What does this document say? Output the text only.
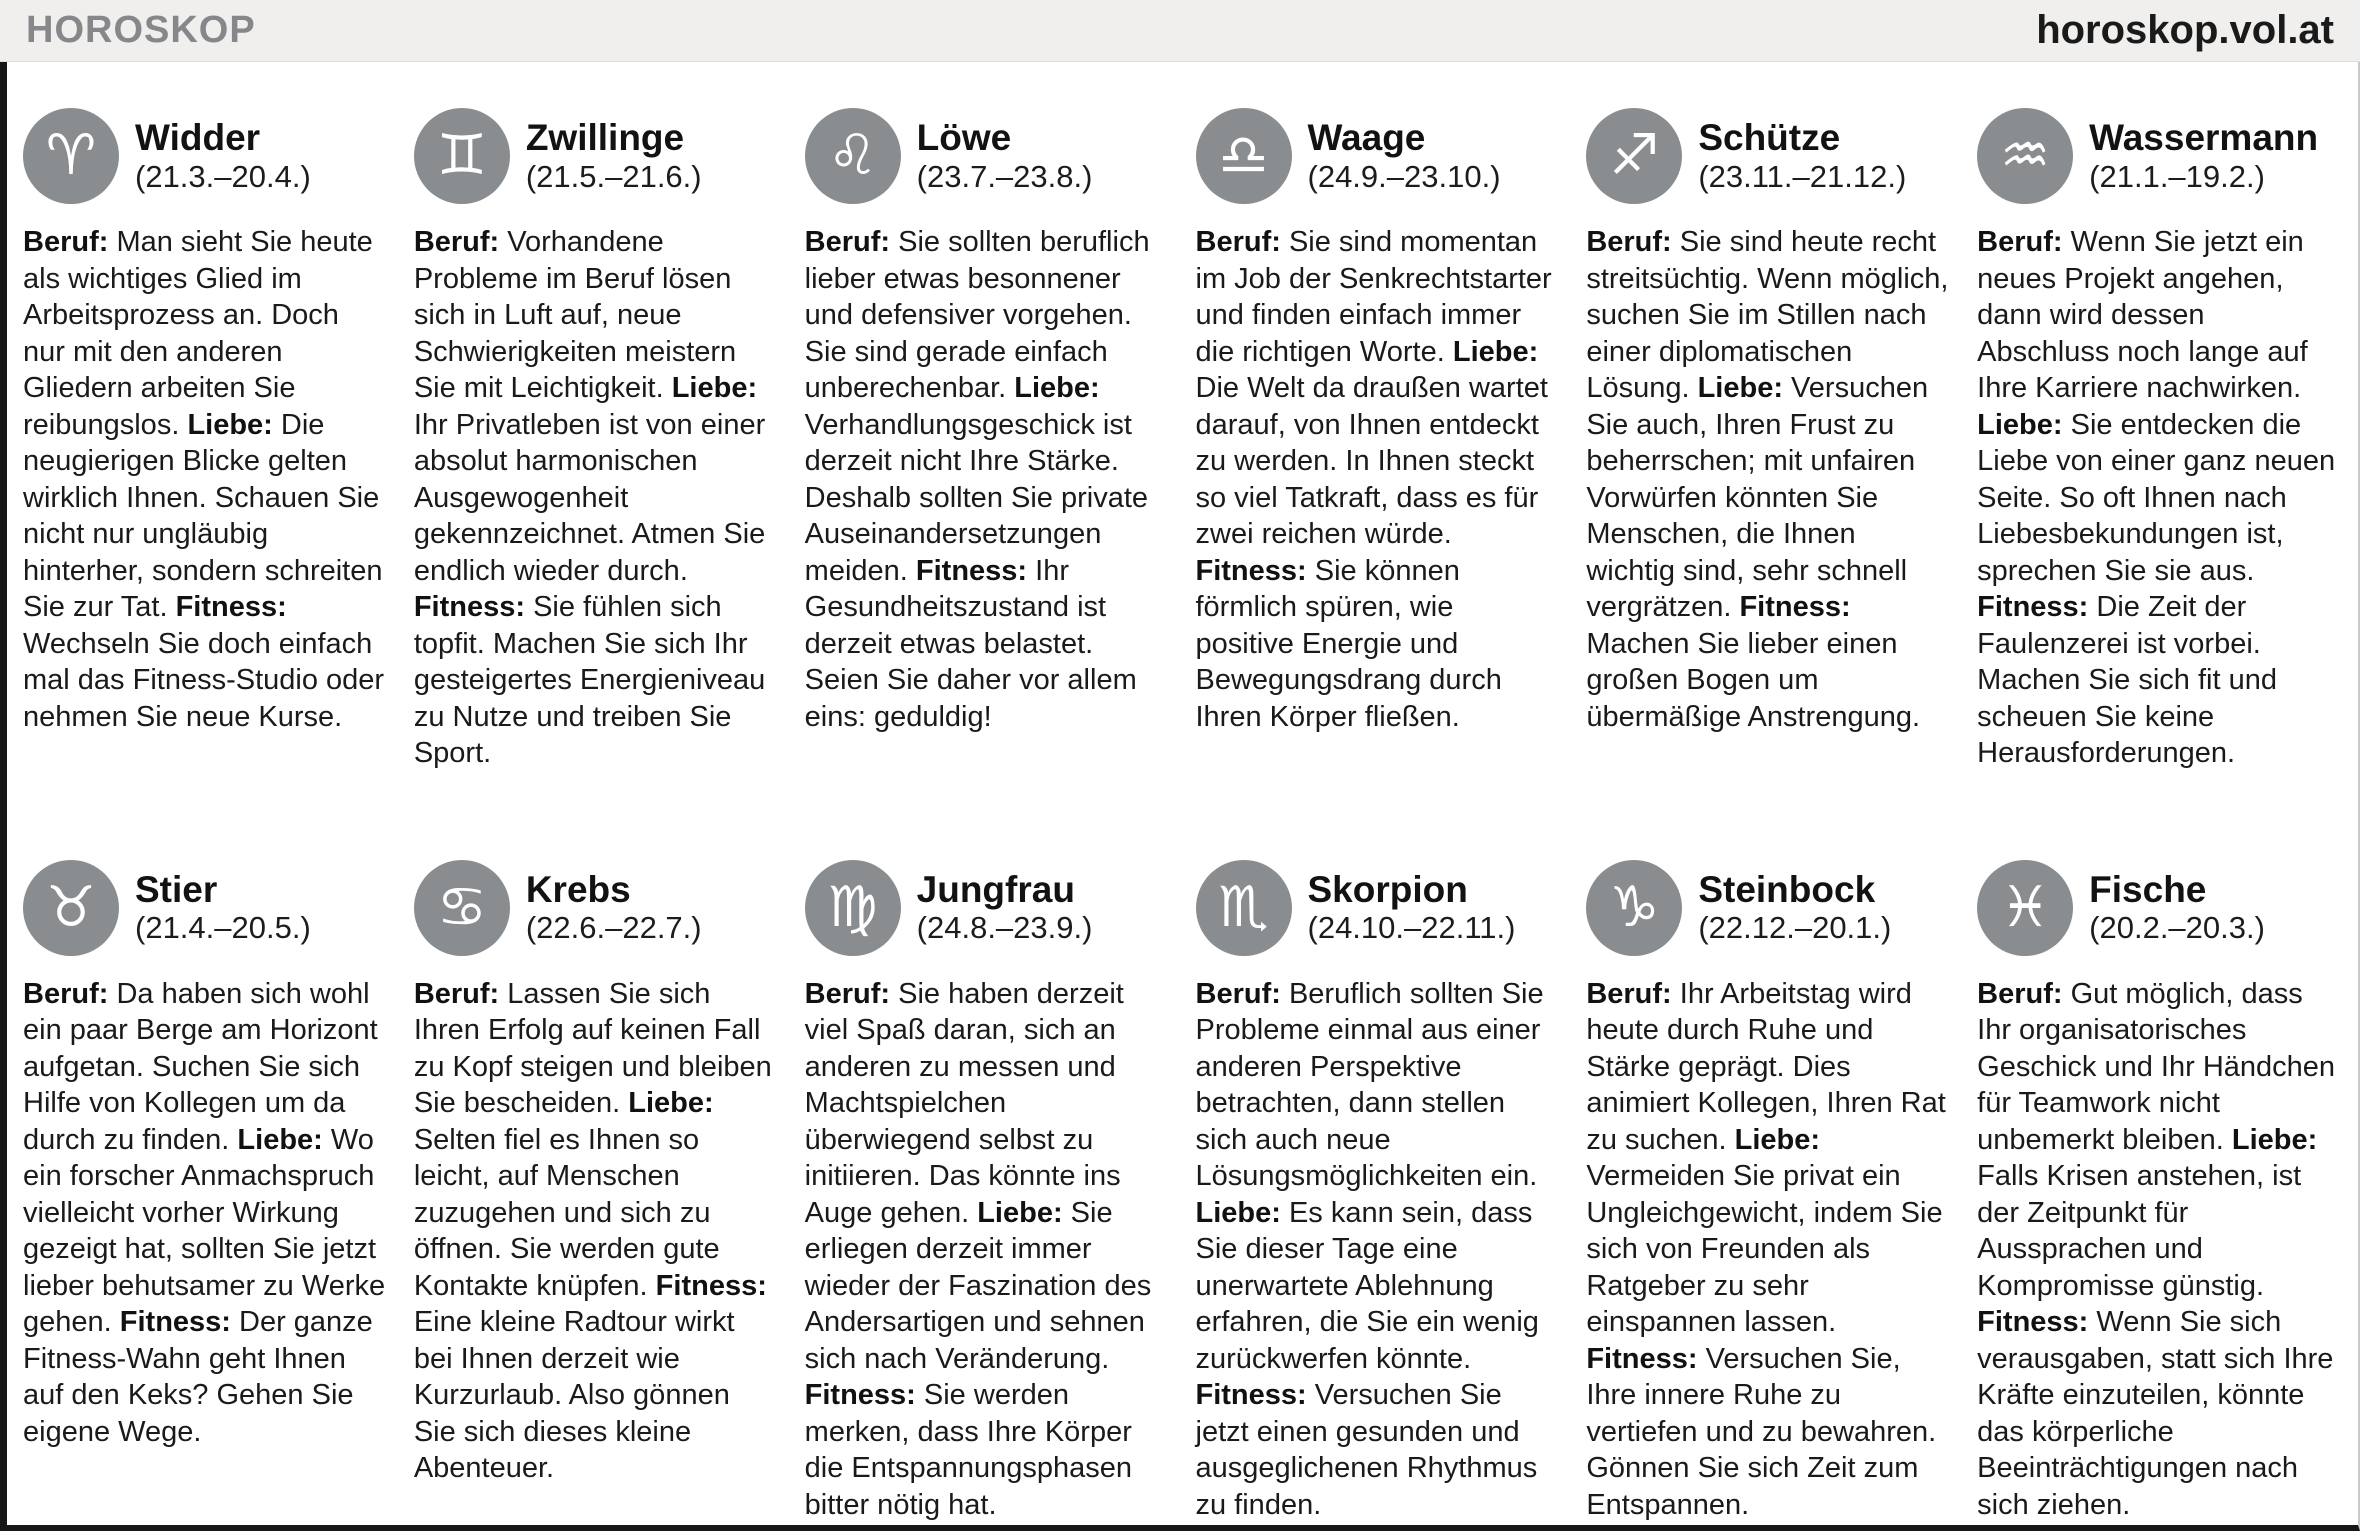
HOROSKOP	horoskop.vol.at
♈ Widder
(21.3.–20.4.)

Beruf: Man sieht Sie heute als wichtiges Glied im Arbeitsprozess an. Doch nur mit den anderen Gliedern arbeiten Sie reibungslos. Liebe: Die neugierigen Blicke gelten wirklich Ihnen. Schauen Sie nicht nur ungläubig hinterher, sondern schreiten Sie zur Tat. Fitness: Wechseln Sie doch einfach mal das Fitness-Studio oder nehmen Sie neue Kurse.

♊ Zwillinge
(21.5.–21.6.)

Beruf: Vorhandene Probleme im Beruf lösen sich in Luft auf, neue Schwierigkeiten meistern Sie mit Leichtigkeit. Liebe: Ihr Privatleben ist von einer absolut harmonischen Ausgewogenheit gekennzeichnet. Atmen Sie endlich wieder durch. Fitness: Sie fühlen sich topfit. Machen Sie sich Ihr gesteigertes Energieniveau zu Nutze und treiben Sie Sport.

♌ Löwe
(23.7.–23.8.)

Beruf: Sie sollten beruflich lieber etwas besonnener und defensiver vorgehen. Sie sind gerade einfach unberechenbar. Liebe: Verhandlungsgeschick ist derzeit nicht Ihre Stärke. Deshalb sollten Sie private Auseinandersetzungen meiden. Fitness: Ihr Gesundheitszustand ist derzeit etwas belastet. Seien Sie daher vor allem eins: geduldig!

♎ Waage
(24.9.–23.10.)

Beruf: Sie sind momentan im Job der Senkrechtstarter und finden einfach immer die richtigen Worte. Liebe: Die Welt da draußen wartet darauf, von Ihnen entdeckt zu werden. In Ihnen steckt so viel Tatkraft, dass es für zwei reichen würde. Fitness: Sie können förmlich spüren, wie positive Energie und Bewegungsdrang durch Ihren Körper fließen.

♐ Schütze
(23.11.–21.12.)

Beruf: Sie sind heute recht streitsüchtig. Wenn möglich, suchen Sie im Stillen nach einer diplomatischen Lösung. Liebe: Versuchen Sie auch, Ihren Frust zu beherrschen; mit unfairen Vorwürfen könnten Sie Menschen, die Ihnen wichtig sind, sehr schnell vergrätzen. Fitness: Machen Sie lieber einen großen Bogen um übermäßige Anstrengung.

♒ Wassermann
(21.1.–19.2.)

Beruf: Wenn Sie jetzt ein neues Projekt angehen, dann wird dessen Abschluss noch lange auf Ihre Karriere nachwirken. Liebe: Sie entdecken die Liebe von einer ganz neuen Seite. So oft Ihnen nach Liebesbekundungen ist, sprechen Sie sie aus. Fitness: Die Zeit der Faulenzerei ist vorbei. Machen Sie sich fit und scheuen Sie keine Herausforderungen.

♉ Stier
(21.4.–20.5.)

Beruf: Da haben sich wohl ein paar Berge am Horizont aufgetan. Suchen Sie sich Hilfe von Kollegen um da durch zu finden. Liebe: Wo ein forscher Anmachspruch vielleicht vorher Wirkung gezeigt hat, sollten Sie jetzt lieber behutsamer zu Werke gehen. Fitness: Der ganze Fitness-Wahn geht Ihnen auf den Keks? Gehen Sie eigene Wege.

♋ Krebs
(22.6.–22.7.)

Beruf: Lassen Sie sich Ihren Erfolg auf keinen Fall zu Kopf steigen und bleiben Sie bescheiden. Liebe: Selten fiel es Ihnen so leicht, auf Menschen zuzugehen und sich zu öffnen. Sie werden gute Kontakte knüpfen. Fitness: Eine kleine Radtour wirkt bei Ihnen derzeit wie Kurzurlaub. Also gönnen Sie sich dieses kleine Abenteuer.

♍ Jungfrau
(24.8.–23.9.)

Beruf: Sie haben derzeit viel Spaß daran, sich an anderen zu messen und Machtspielchen überwiegend selbst zu initiieren. Das könnte ins Auge gehen. Liebe: Sie erliegen derzeit immer wieder der Faszination des Andersartigen und sehnen sich nach Veränderung. Fitness: Sie werden merken, dass Ihre Körper die Entspannungsphasen bitter nötig hat.

♏ Skorpion
(24.10.–22.11.)

Beruf: Beruflich sollten Sie Probleme einmal aus einer anderen Perspektive betrachten, dann stellen sich auch neue Lösungsmöglichkeiten ein. Liebe: Es kann sein, dass Sie dieser Tage eine unerwartete Ablehnung erfahren, die Sie ein wenig zurückwerfen könnte. Fitness: Versuchen Sie jetzt einen gesunden und ausgeglichenen Rhythmus zu finden.

♑ Steinbock
(22.12.–20.1.)

Beruf: Ihr Arbeitstag wird heute durch Ruhe und Stärke geprägt. Dies animiert Kollegen, Ihren Rat zu suchen. Liebe: Vermeiden Sie privat ein Ungleichgewicht, indem Sie sich von Freunden als Ratgeber zu sehr einspannen lassen. Fitness: Versuchen Sie, Ihre innere Ruhe zu vertiefen und zu bewahren. Gönnen Sie sich Zeit zum Entspannen.

♓ Fische
(20.2.–20.3.)

Beruf: Gut möglich, dass Ihr organisatorisches Geschick und Ihr Händchen für Teamwork nicht unbemerkt bleiben. Liebe: Falls Krisen anstehen, ist der Zeitpunkt für Aussprachen und Kompromisse günstig. Fitness: Wenn Sie sich verausgaben, statt sich Ihre Kräfte einzuteilen, könnte das körperliche Beeinträchtigungen nach sich ziehen.
